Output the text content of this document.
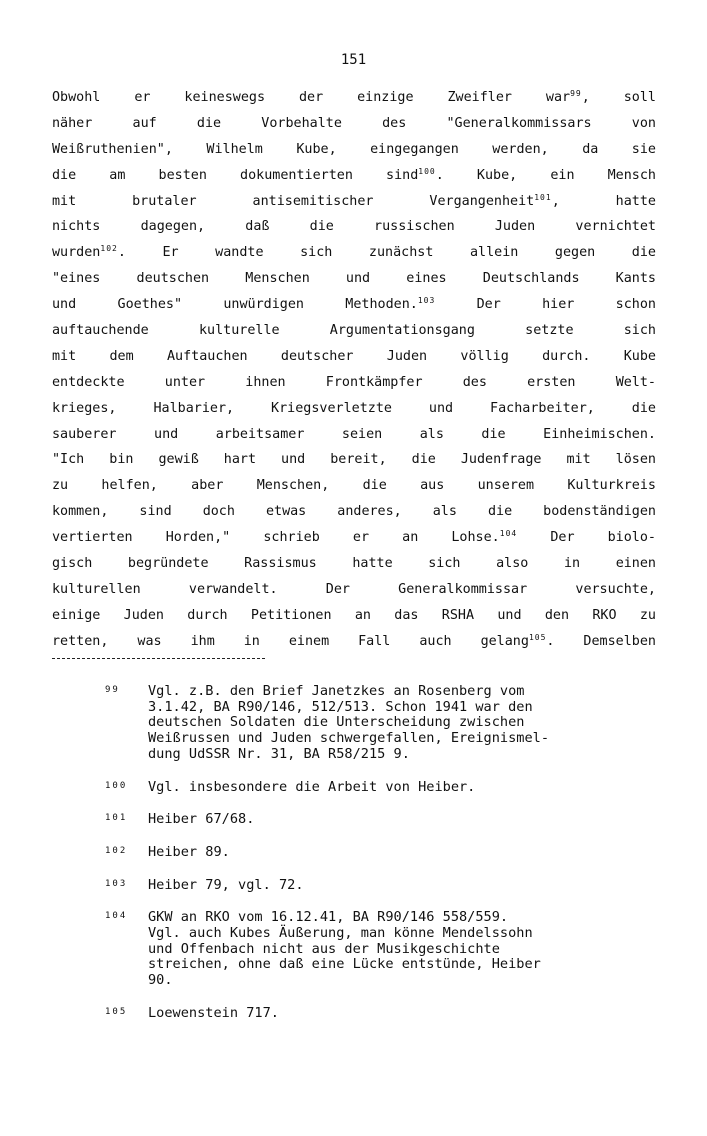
151
Obwohl er keineswegs der einzige Zweifler war$^{99}$, soll
näher auf die Vorbehalte des "Generalkommissars von
Weißruthenien", Wilhelm Kube, eingegangen werden, da sie
die am besten dokumentierten sind$^{100}$. Kube, ein Mensch
mit brutaler antisemitischer Vergangenheit$^{101}$, hatte
nichts dagegen, daß die russischen Juden vernichtet
wurden$^{102}$. Er wandte sich zunächst allein gegen die
"eines deutschen Menschen und eines Deutschlands Kants
und Goethes" unwürdigen Methoden.$^{103}$ Der hier schon
auftauchende kulturelle Argumentationsgang setzte sich
mit dem Auftauchen deutscher Juden völlig durch. Kube
entdeckte unter ihnen Frontkämpfer des ersten Welt-
krieges, Halbarier, Kriegsverletzte und Facharbeiter, die
sauberer und arbeitsamer seien als die Einheimischen.
"Ich bin gewiß hart und bereit, die Judenfrage mit lösen
zu helfen, aber Menschen, die aus unserem Kulturkreis
kommen, sind doch etwas anderes, als die bodenständigen
vertierten Horden," schrieb er an Lohse.$^{104}$ Der biolo-
gisch begründete Rassismus hatte sich also in einen
kulturellen verwandelt. Der Generalkommissar versuchte,
einige Juden durch Petitionen an das RSHA und den RKO zu
retten, was ihm in einem Fall auch gelang$^{105}$. Demselben
99 Vgl. z.B. den Brief Janetzkes an Rosenberg vom
3.1.42, BA R90/146, 512/513. Schon 1941 war den
deutschen Soldaten die Unterscheidung zwischen
Weißrussen und Juden schwergefallen, Ereignismel-
dung UdSSR Nr. 31, BA R58/215 9.
100 Vgl. insbesondere die Arbeit von Heiber.
101 Heiber 67/68.
102 Heiber 89.
103 Heiber 79, vgl. 72.
104 GKW an RKO vom 16.12.41, BA R90/146 558/559.
Vgl. auch Kubes Äußerung, man könne Mendelssohn
und Offenbach nicht aus der Musikgeschichte
streichen, ohne daß eine Lücke entstünde, Heiber
90.
105 Loewenstein 717.
